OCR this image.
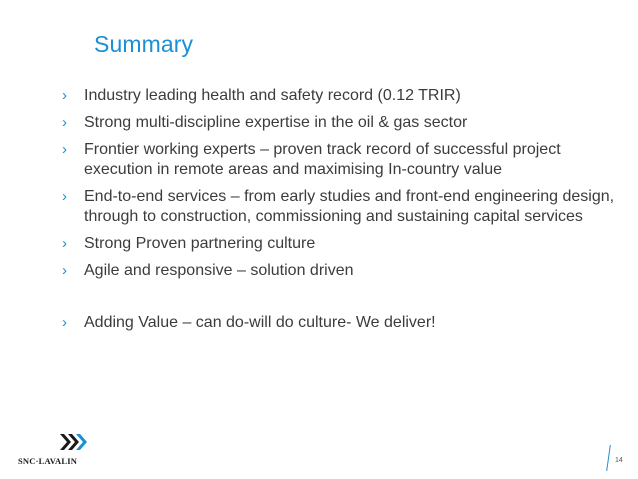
Summary
› Industry leading health and safety record (0.12 TRIR)
› Strong multi-discipline expertise in the oil & gas sector
› Frontier working experts – proven track record of successful project execution in remote areas and maximising In-country value
› End-to-end services – from early studies and front-end engineering design, through to construction, commissioning and sustaining capital services
› Strong Proven partnering culture
› Agile and responsive – solution driven
› Adding Value – can do-will do culture- We deliver!
SNC·LAVALIN	14
